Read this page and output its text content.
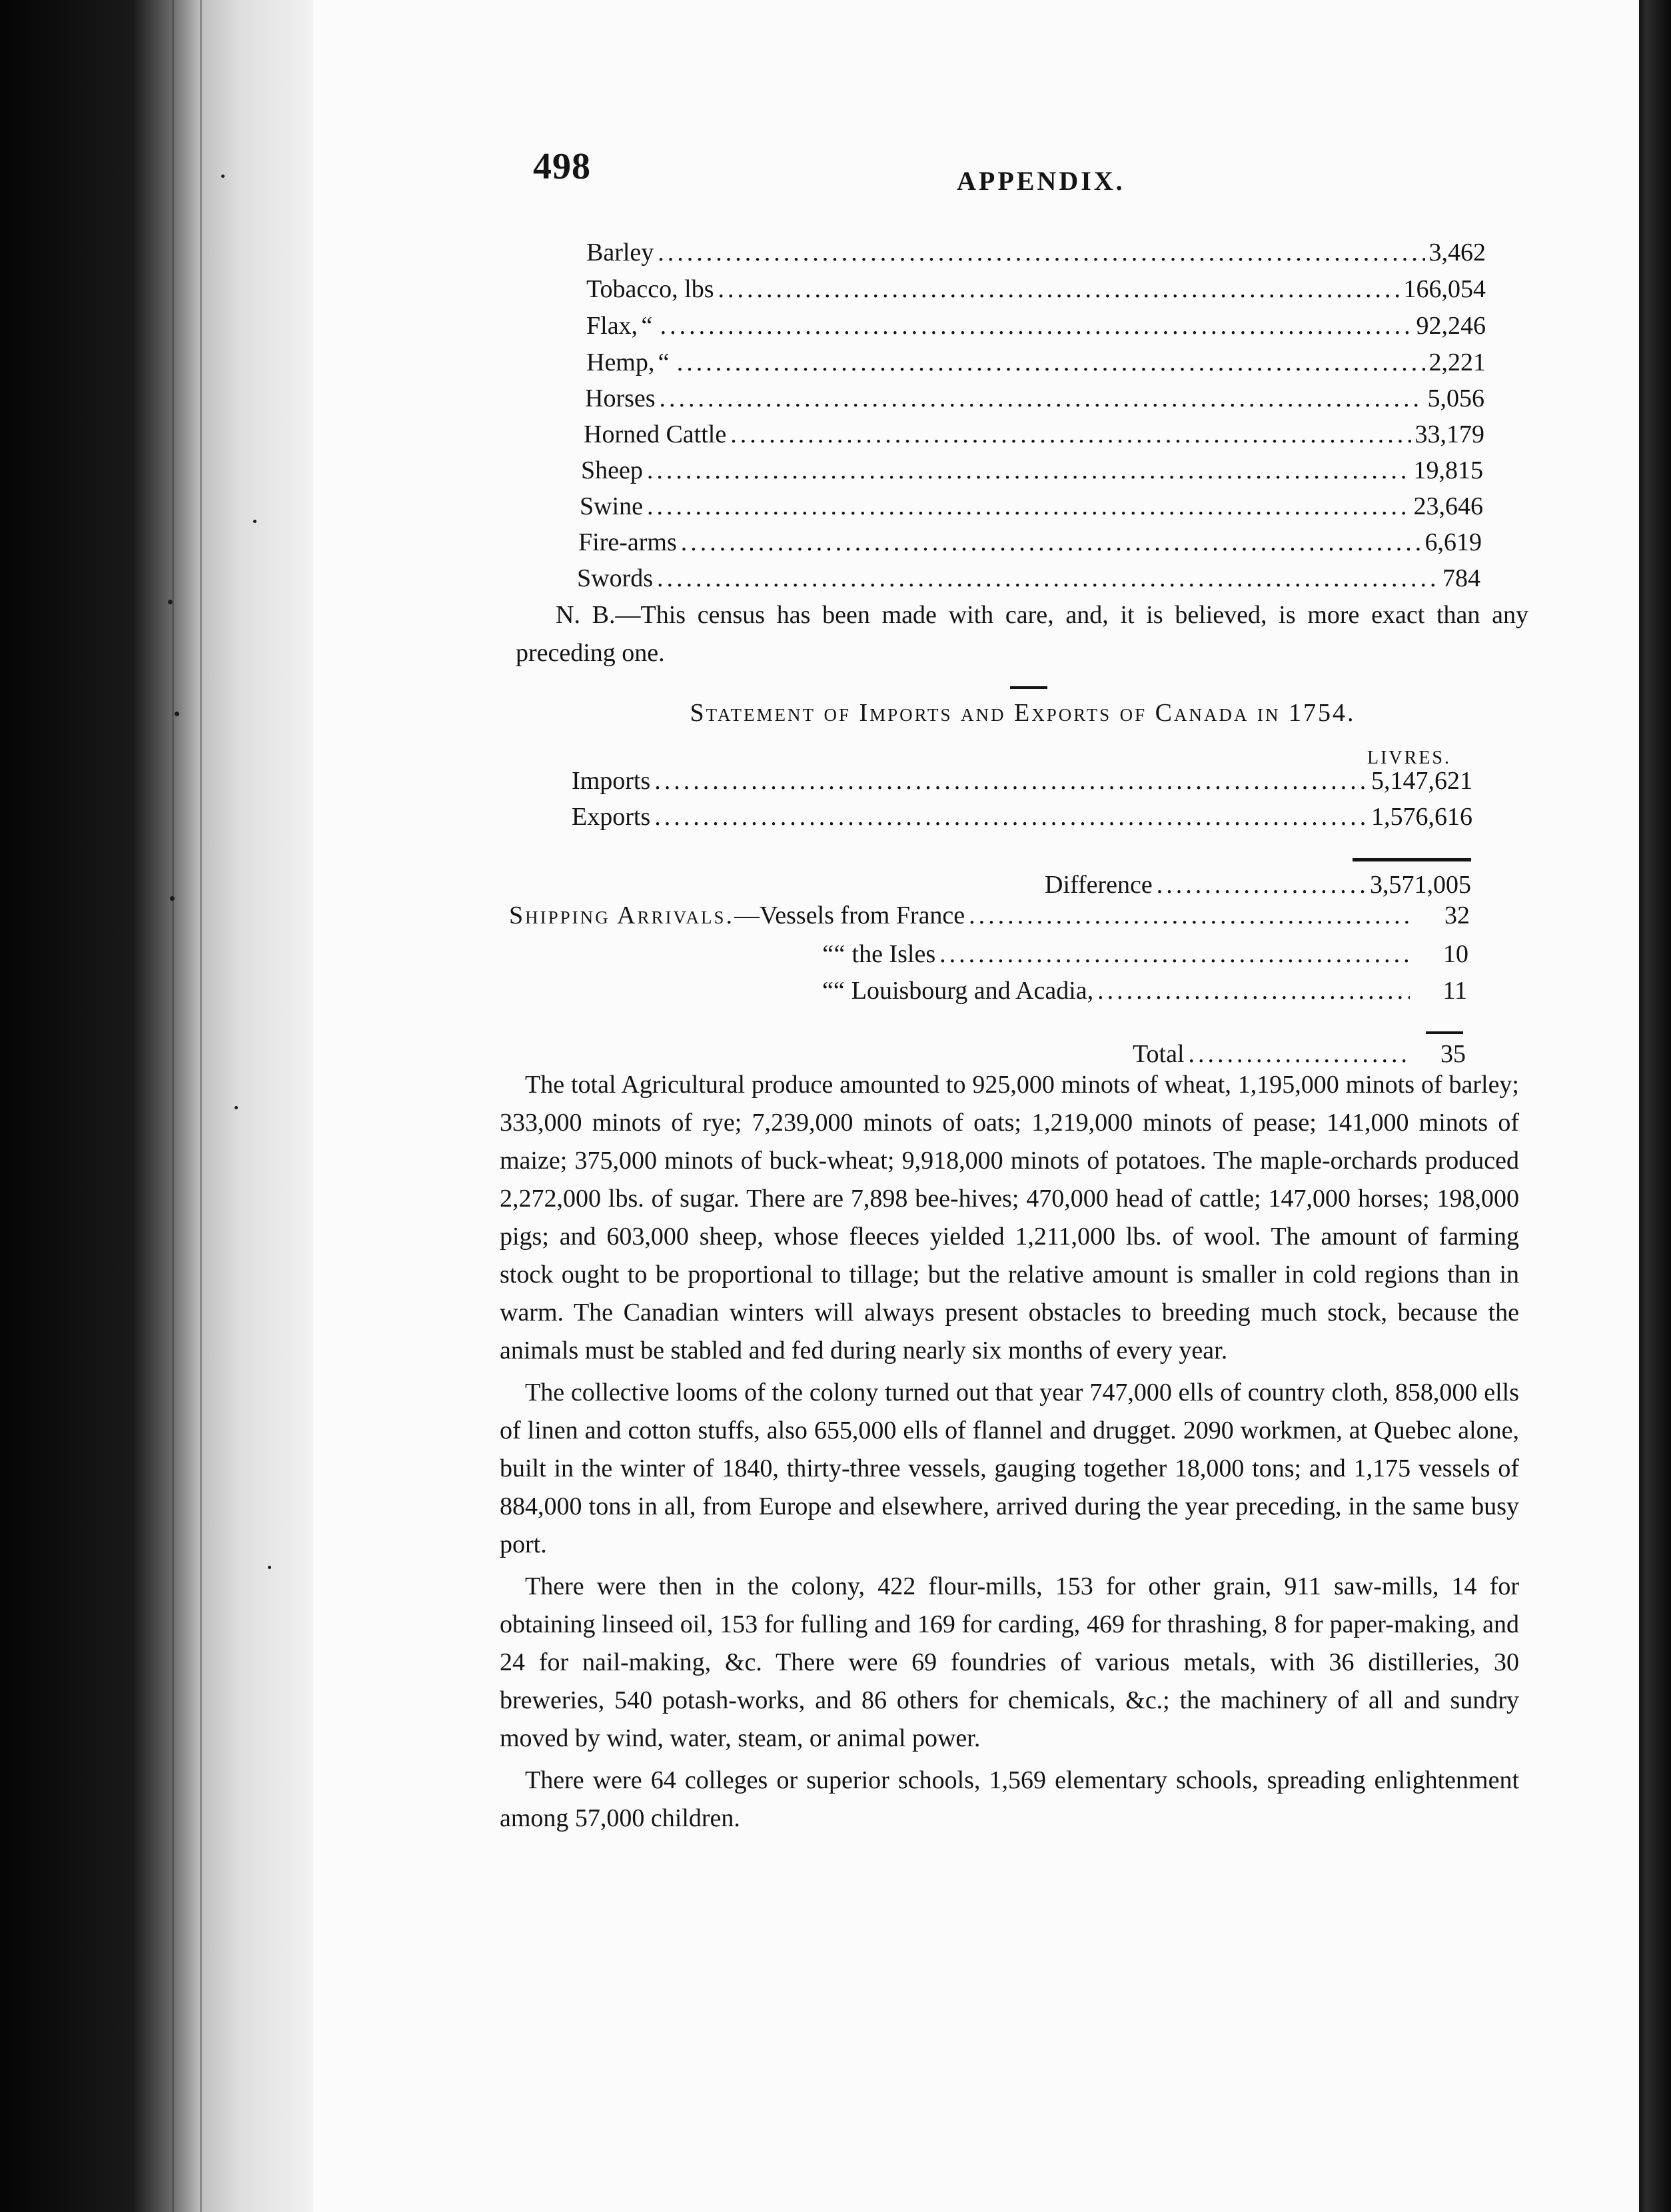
498	APPENDIX.
Barley .....	3,462
Tobacco, lbs .....	166,054
Flax, “ .....	92,246
Hemp, “ .....	2,221
Horses .....	5,056
Horned Cattle .....	33,179
Sheep .....	19,815
Swine .....	23,646
Fire-arms .....	6,619
Swords .....	784

N. B.—This census has been made with care, and, it is believed, is more exact than any preceding one.

Statement of Imports and Exports of Canada in 1754.
LIVRES.
Imports .....	5,147,621
Exports .....	1,576,616
Difference .....	3,571,005
Shipping Arrivals. —Vessels from France .....	32
“ “ the Isles .....	10
“ “ Louisbourg and Acadia, .....	11
Total .....	35

The total Agricultural produce amounted to 925,000 minots of wheat, 1,195,000 minots of barley; 333,000 minots of rye; 7,239,000 minots of oats; 1,219,000 minots of pease; 141,000 minots of maize; 375,000 minots of buck-wheat; 9,918,000 minots of potatoes. The maple-orchards produced 2,272,000 lbs. of sugar. There are 7,898 bee-hives; 470,000 head of cattle; 147,000 horses; 198,000 pigs; and 603,000 sheep, whose fleeces yielded 1,211,000 lbs. of wool. The amount of farming stock ought to be proportional to tillage; but the relative amount is smaller in cold regions than in warm. The Canadian winters will always present obstacles to breeding much stock, because the animals must be stabled and fed during nearly six months of every year.

The collective looms of the colony turned out that year 747,000 ells of country cloth, 858,000 ells of linen and cotton stuffs, also 655,000 ells of flannel and drugget. 2090 workmen, at Quebec alone, built in the winter of 1840, thirty-three vessels, gauging together 18,000 tons; and 1,175 vessels of 884,000 tons in all, from Europe and elsewhere, arrived during the year preceding, in the same busy port.

There were then in the colony, 422 flour-mills, 153 for other grain, 911 saw-mills, 14 for obtaining linseed oil, 153 for fulling and 169 for carding, 469 for thrashing, 8 for paper-making, and 24 for nail-making, &c. There were 69 foundries of various metals, with 36 distilleries, 30 breweries, 540 potash-works, and 86 others for chemicals, &c.; the machinery of all and sundry moved by wind, water, steam, or animal power.

There were 64 colleges or superior schools, 1,569 elementary schools, spreading enlightenment among 57,000 children.
